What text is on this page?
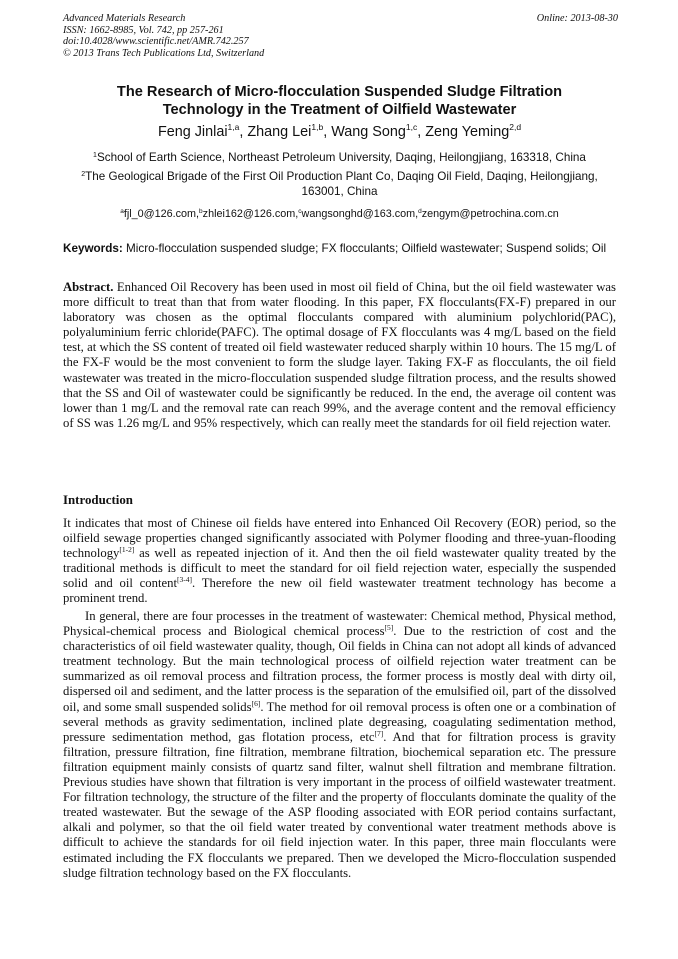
Advanced Materials Research
ISSN: 1662-8985, Vol. 742, pp 257-261
doi:10.4028/www.scientific.net/AMR.742.257
© 2013 Trans Tech Publications Ltd, Switzerland
Online: 2013-08-30
The Research of Micro-flocculation Suspended Sludge Filtration
Technology in the Treatment of Oilfield Wastewater
Feng Jinlai$^{1,a}$, Zhang Lei$^{1,b}$, Wang Song$^{1,c}$, Zeng Yeming$^{2,d}$
$^1$School of Earth Science, Northeast Petroleum University, Daqing, Heilongjiang, 163318, China
$^2$The Geological Brigade of the First Oil Production Plant Co, Daqing Oil Field, Daqing, Heilongjiang, 163001, China
$^a$fjl_0@126.com,$^b$zhlei162@126.com,$^c$wangsonghd@163.com,$^d$zengym@petrochina.com.cn
Keywords: Micro-flocculation suspended sludge; FX flocculants; Oilfield wastewater; Suspend solids; Oil
Abstract. Enhanced Oil Recovery has been used in most oil field of China, but the oil field wastewater was more difficult to treat than that from water flooding. In this paper, FX flocculants(FX-F) prepared in our laboratory was chosen as the optimal flocculants compared with aluminium polychlorid(PAC), polyaluminium ferric chloride(PAFC). The optimal dosage of FX flocculants was 4 mg/L based on the field test, at which the SS content of treated oil field wastewater reduced sharply within 10 hours. The 15 mg/L of the FX-F would be the most convenient to form the sludge layer. Taking FX-F as flocculants, the oil field wastewater was treated in the micro-flocculation suspended sludge filtration process, and the results showed that the SS and Oil of wastewater could be significantly be reduced. In the end, the average oil content was lower than 1 mg/L and the removal rate can reach 99%, and the average content and the removal efficiency of SS was 1.26 mg/L and 95% respectively, which can really meet the standards for oil field rejection water.
Introduction
It indicates that most of Chinese oil fields have entered into Enhanced Oil Recovery (EOR) period, so the oilfield sewage properties changed significantly associated with Polymer flooding and three-yuan-flooding technology[1-2] as well as repeated injection of it. And then the oil field wastewater quality treated by the traditional methods is difficult to meet the standard for oil field rejection water, especially the suspended solid and oil content[3-4]. Therefore the new oil field wastewater treatment technology has become a prominent trend.
In general, there are four processes in the treatment of wastewater: Chemical method, Physical method, Physical-chemical process and Biological chemical process[5]. Due to the restriction of cost and the characteristics of oil field wastewater quality, though, Oil fields in China can not adopt all kinds of advanced treatment technology. But the main technological process of oilfield rejection water treatment can be summarized as oil removal process and filtration process, the former process is mostly deal with dirty oil, dispersed oil and sediment, and the latter process is the separation of the emulsified oil, part of the dissolved oil, and some small suspended solids[6]. The method for oil removal process is often one or a combination of several methods as gravity sedimentation, inclined plate degreasing, coagulating sedimentation method, pressure sedimentation method, gas flotation process, etc[7]. And that for filtration process is gravity filtration, pressure filtration, fine filtration, membrane filtration, biochemical separation etc. The pressure filtration equipment mainly consists of quartz sand filter, walnut shell filtration and membrane filtration. Previous studies have shown that filtration is very important in the process of oilfield wastewater treatment. For filtration technology, the structure of the filter and the property of flocculants dominate the quality of the treated wastewater. But the sewage of the ASP flooding associated with EOR period contains surfactant, alkali and polymer, so that the oil field water treated by conventional water treatment methods above is difficult to achieve the standards for oil field injection water. In this paper, three main flocculants were estimated including the FX flocculants we prepared. Then we developed the Micro-flocculation suspended sludge filtration technology based on the FX flocculants.
